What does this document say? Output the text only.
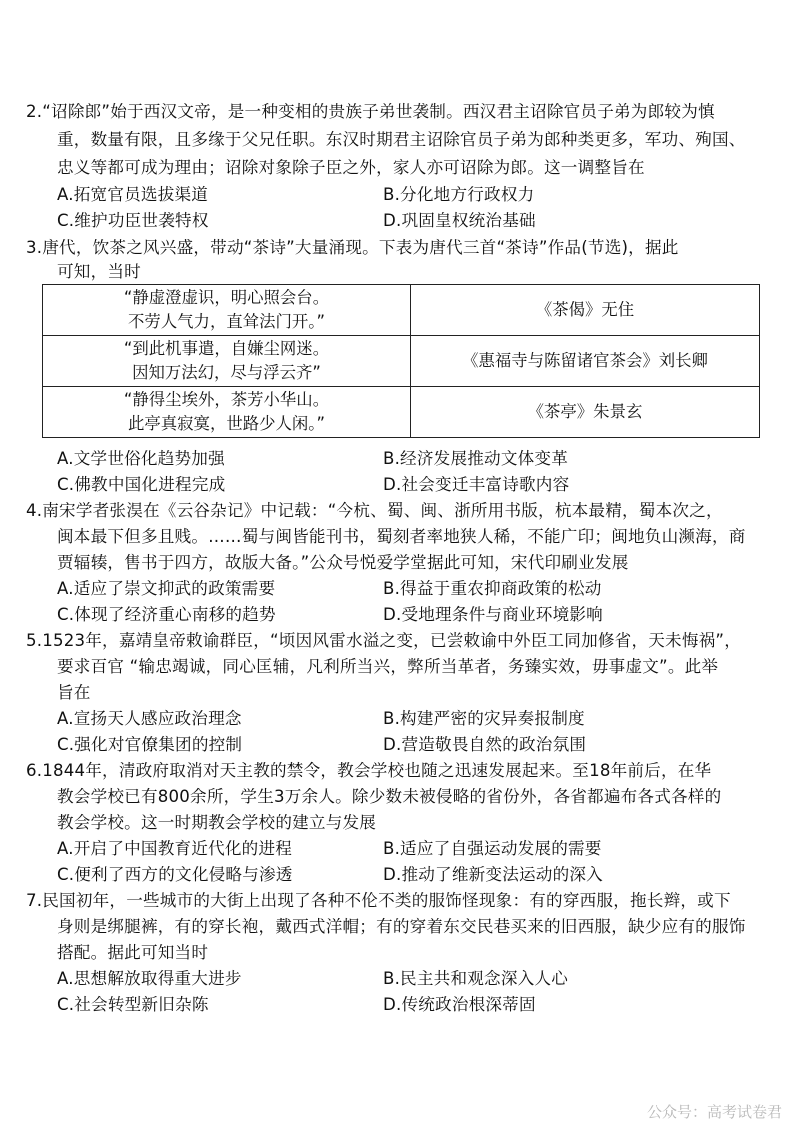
2.“诏除郎”始于西汉文帝，是一种变相的贵族子弟世袭制。西汉君主诏除官员子弟为郎较为慎
重，数量有限，且多缘于父兄任职。东汉时期君主诏除官员子弟为郎种类更多，军功、殉国、
忠义等都可成为理由；诏除对象除子臣之外，家人亦可诏除为郎。这一调整旨在
A.拓宽官员选拔渠道	B.分化地方行政权力
C.维护功臣世袭特权	D.巩固皇权统治基础
3.唐代，饮茶之风兴盛，带动“茶诗”大量涌现。下表为唐代三首“茶诗”作品(节选)，据此
可知，当时
“静虚澄虚识，明心照会台。
不劳人气力，直耸法门开。”	《茶偈》无住

“到此机事遣，自嫌尘网迷。
因知万法幻，尽与浮云齐”	《惠福寺与陈留诸官茶会》刘长卿

“静得尘埃外，茶芳小华山。
此亭真寂寞，世路少人闲。”	《茶亭》朱景玄
A.文学世俗化趋势加强	B.经济发展推动文体变革
C.佛教中国化进程完成	D.社会变迁丰富诗歌内容
4.南宋学者张淏在《云谷杂记》中记载：“今杭、蜀、闽、浙所用书版，杭本最精，蜀本次之，
闽本最下但多且贱。……蜀与闽皆能刊书，蜀刻者率地狭人稀，不能广印；闽地负山濒海，商
贾辐辏，售书于四方，故版大备。”公众号悦爱学堂据此可知，宋代印刷业发展
A.适应了崇文抑武的政策需要	B.得益于重农抑商政策的松动
C.体现了经济重心南移的趋势	D.受地理条件与商业环境影响
5.1523年，嘉靖皇帝敕谕群臣，“顷因风雷水溢之变，已尝敕谕中外臣工同加修省，天未悔祸”，
要求百官 “输忠竭诚，同心匡辅，凡利所当兴，弊所当革者，务臻实效，毋事虚文”。此举
旨在
A.宣扬天人感应政治理念	B.构建严密的灾异奏报制度
C.强化对官僚集团的控制	D.营造敬畏自然的政治氛围
6.1844年，清政府取消对天主教的禁令，教会学校也随之迅速发展起来。至18年前后，在华
教会学校已有800余所，学生3万余人。除少数未被侵略的省份外，各省都遍布各式各样的
教会学校。这一时期教会学校的建立与发展
A.开启了中国教育近代化的进程	B.适应了自强运动发展的需要
C.便利了西方的文化侵略与渗透	D.推动了维新变法运动的深入
7.民国初年，一些城市的大街上出现了各种不伦不类的服饰怪现象：有的穿西服，拖长辫，或下
身则是绑腿裤，有的穿长袍，戴西式洋帽；有的穿着东交民巷买来的旧西服，缺少应有的服饰
搭配。据此可知当时
A.思想解放取得重大进步	B.民主共和观念深入人心
C.社会转型新旧杂陈	D.传统政治根深蒂固
公众号：高考试卷君
